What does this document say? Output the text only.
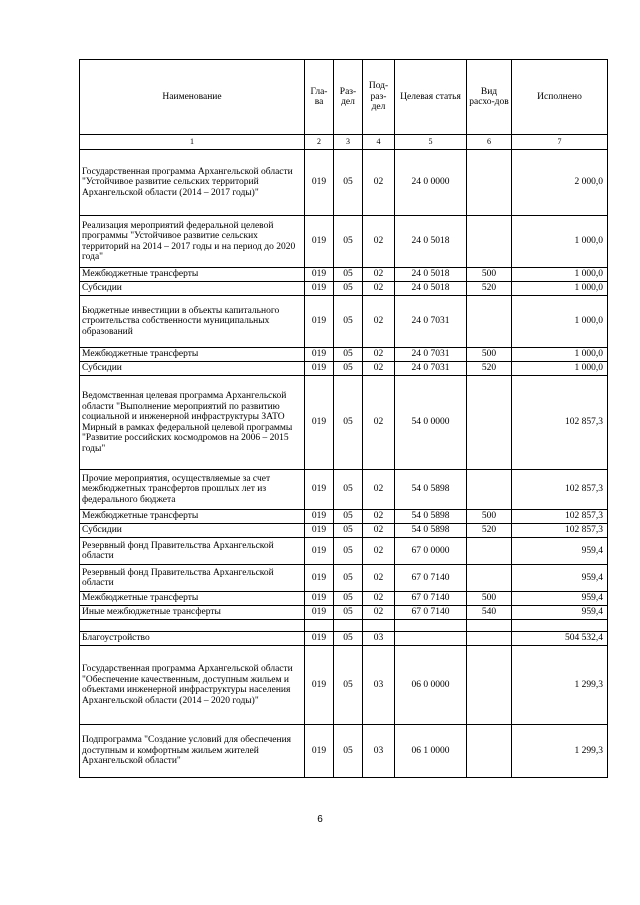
Наименование	Гла-ва	Раз-дел	Под-раз-дел	Целевая статья	Вид расхо-дов	Исполнено
1	2	3	4	5	6	7
Государственная программа Архангельской области "Устойчивое развитие сельских территорий Архангельской области (2014 – 2017 годы)"	019	05	02	24 0 0000		2 000,0
Реализация мероприятий федеральной целевой программы "Устойчивое развитие сельских территорий на 2014 – 2017 годы и на период до 2020 года"	019	05	02	24 0 5018		1 000,0
Межбюджетные трансферты	019	05	02	24 0 5018	500	1 000,0
Субсидии	019	05	02	24 0 5018	520	1 000,0
Бюджетные инвестиции в объекты капитального строительства собственности муниципальных образований	019	05	02	24 0 7031		1 000,0
Межбюджетные трансферты	019	05	02	24 0 7031	500	1 000,0
Субсидии	019	05	02	24 0 7031	520	1 000,0
Ведомственная целевая программа Архангельской области "Выполнение мероприятий по развитию социальной и инженерной инфраструктуры ЗАТО Мирный в рамках федеральной целевой программы "Развитие российских космодромов на 2006 – 2015 годы"	019	05	02	54 0 0000		102 857,3
Прочие мероприятия, осуществляемые за счет межбюджетных трансфертов прошлых лет из федерального бюджета	019	05	02	54 0 5898		102 857,3
Межбюджетные трансферты	019	05	02	54 0 5898	500	102 857,3
Субсидии	019	05	02	54 0 5898	520	102 857,3
Резервный фонд Правительства Архангельской области	019	05	02	67 0 0000		959,4
Резервный фонд Правительства Архангельской области	019	05	02	67 0 7140		959,4
Межбюджетные трансферты	019	05	02	67 0 7140	500	959,4
Иные межбюджетные трансферты	019	05	02	67 0 7140	540	959,4

Благоустройство	019	05	03			504 532,4
Государственная программа Архангельской области "Обеспечение качественным, доступным жильем и объектами инженерной инфраструктуры населения Архангельской области (2014 – 2020 годы)"	019	05	03	06 0 0000		1 299,3
Подпрограмма "Создание условий для обеспечения доступным и комфортным жильем жителей Архангельской области"	019	05	03	06 1 0000		1 299,3
6
